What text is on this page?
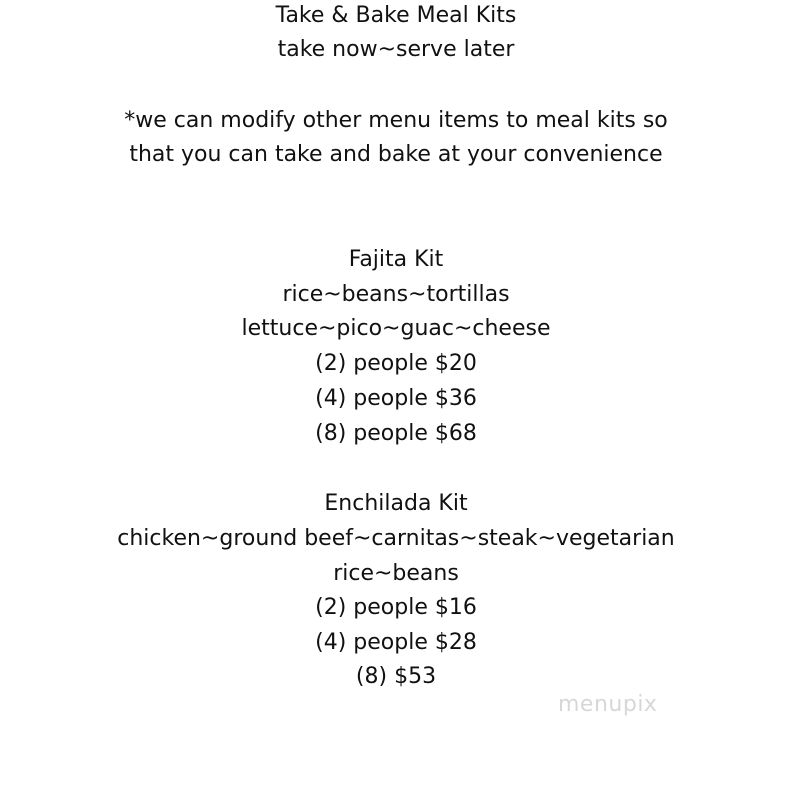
Take & Bake Meal Kits
take now~serve later
*we can modify other menu items to meal kits so
that you can take and bake at your convenience
Fajita Kit
rice~beans~tortillas
lettuce~pico~guac~cheese
(2) people $20
(4) people $36
(8) people $68
Enchilada Kit
chicken~ground beef~carnitas~steak~vegetarian
rice~beans
(2) people $16
(4) people $28
(8) $53
menupix
